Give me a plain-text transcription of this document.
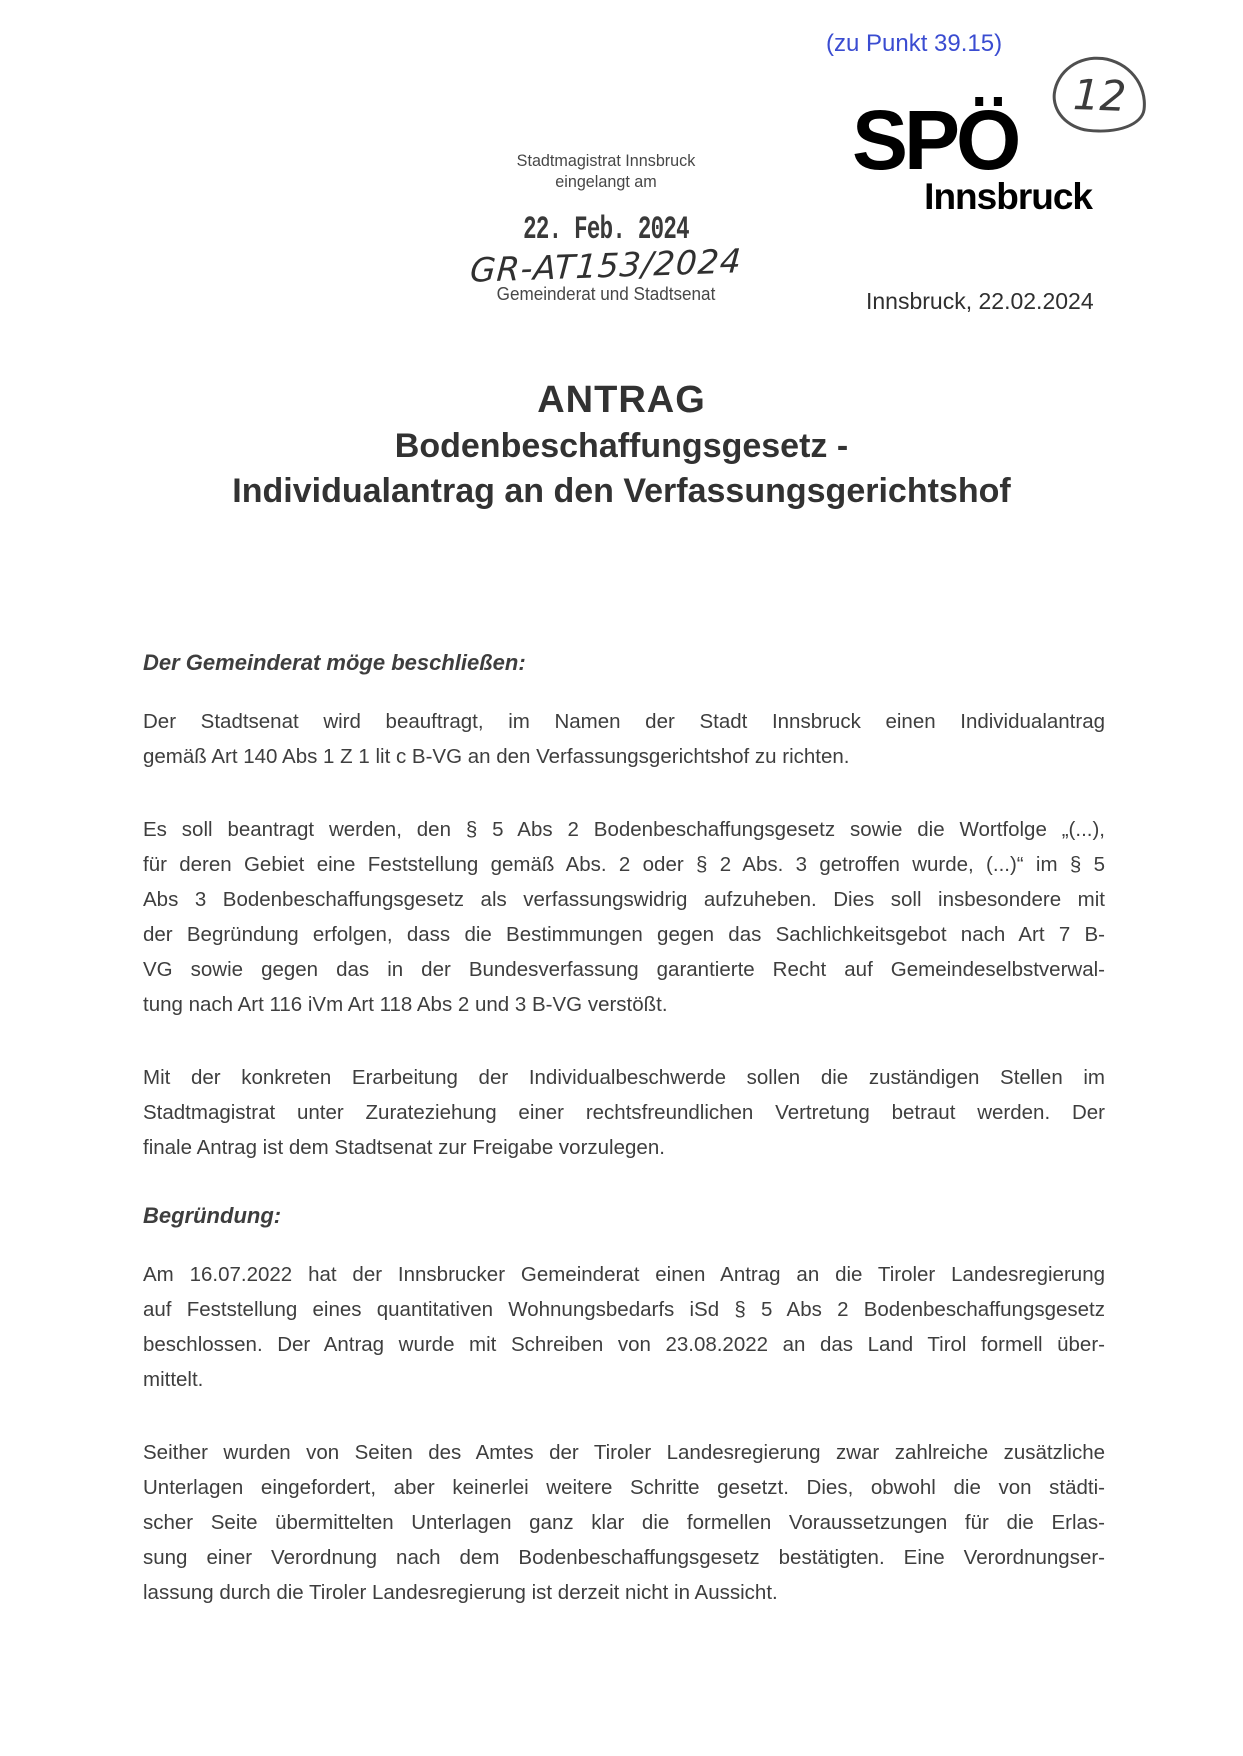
(zu Punkt 39.15)
12
Stadtmagistrat Innsbruck
eingelangt am
22. Feb. 2024
GR-AT153/2024
Gemeinderat und Stadtsenat
SPÖ
Innsbruck
Innsbruck, 22.02.2024
ANTRAG
Bodenbeschaffungsgesetz -
Individualantrag an den Verfassungsgerichtshof
Der Gemeinderat möge beschließen:
Der Stadtsenat wird beauftragt, im Namen der Stadt Innsbruck einen Individualantrag
gemäß Art 140 Abs 1 Z 1 lit c B-VG an den Verfassungsgerichtshof zu richten.
Es soll beantragt werden, den § 5 Abs 2 Bodenbeschaffungsgesetz sowie die Wortfolge „(...),
für deren Gebiet eine Feststellung gemäß Abs. 2 oder § 2 Abs. 3 getroffen wurde, (...)“ im § 5
Abs 3 Bodenbeschaffungsgesetz als verfassungswidrig aufzuheben. Dies soll insbesondere mit
der Begründung erfolgen, dass die Bestimmungen gegen das Sachlichkeitsgebot nach Art 7 B-
VG sowie gegen das in der Bundesverfassung garantierte Recht auf Gemeindeselbstverwal-
tung nach Art 116 iVm Art 118 Abs 2 und 3 B-VG verstößt.
Mit der konkreten Erarbeitung der Individualbeschwerde sollen die zuständigen Stellen im
Stadtmagistrat unter Zurateziehung einer rechtsfreundlichen Vertretung betraut werden. Der
finale Antrag ist dem Stadtsenat zur Freigabe vorzulegen.
Begründung:
Am 16.07.2022 hat der Innsbrucker Gemeinderat einen Antrag an die Tiroler Landesregierung
auf Feststellung eines quantitativen Wohnungsbedarfs iSd § 5 Abs 2 Bodenbeschaffungsgesetz
beschlossen. Der Antrag wurde mit Schreiben von 23.08.2022 an das Land Tirol formell über-
mittelt.
Seither wurden von Seiten des Amtes der Tiroler Landesregierung zwar zahlreiche zusätzliche
Unterlagen eingefordert, aber keinerlei weitere Schritte gesetzt. Dies, obwohl die von städti-
scher Seite übermittelten Unterlagen ganz klar die formellen Voraussetzungen für die Erlas-
sung einer Verordnung nach dem Bodenbeschaffungsgesetz bestätigten. Eine Verordnungser-
lassung durch die Tiroler Landesregierung ist derzeit nicht in Aussicht.
